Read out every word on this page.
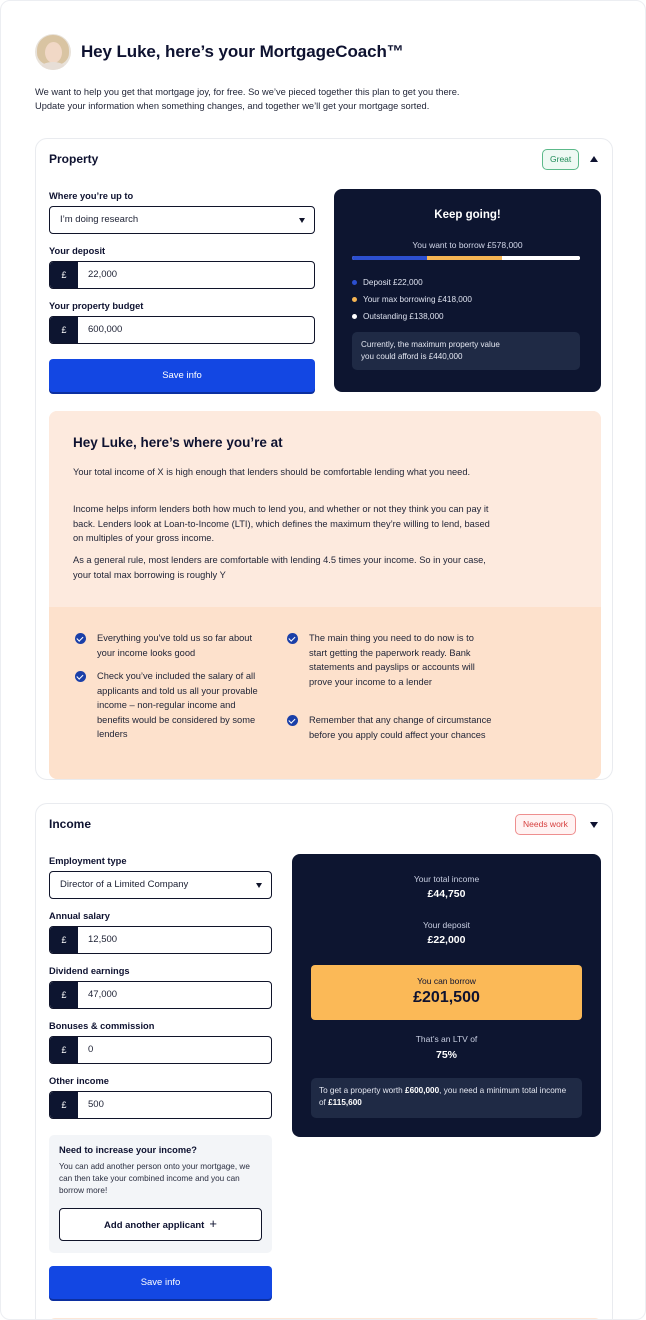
Hey Luke, here’s your MortgageCoach™
We want to help you get that mortgage joy, for free. So we’ve pieced together this plan to get you there.
Update your information when something changes, and together we’ll get your mortgage sorted.
Property	Great
Where you’re up to
I’m doing research
Your deposit
£	22,000
Your property budget
£	600,000
Save info
Keep going!
You want to borrow £578,000
Deposit £22,000
Your max borrowing £418,000
Outstanding £138,000
Currently, the maximum property value
you could afford is £440,000
Hey Luke, here’s where you’re at
Your total income of X is high enough that lenders should be comfortable lending what you need.
Income helps inform lenders both how much to lend you, and whether or not they think you can pay it back. Lenders look at Loan-to-Income (LTI), which defines the maximum they’re willing to lend, based on multiples of your gross income.
As a general rule, most lenders are comfortable with lending 4.5 times your income. So in your case, your total max borrowing is roughly Y
Everything you’ve told us so far about your income looks good
Check you’ve included the salary of all applicants and told us all your provable income – non-regular income and benefits would be considered by some lenders
The main thing you need to do now is to start getting the paperwork ready. Bank statements and payslips or accounts will prove your income to a lender
Remember that any change of circumstance before you apply could affect your chances
Income	Needs work
Employment type
Director of a Limited Company
Annual salary
£	12,500
Dividend earnings
£	47,000
Bonuses & commission
£	0
Other income
£	500
Need to increase your income?
You can add another person onto your mortgage, we can then take your combined income and you can borrow more!
Add another applicant +
Save info
Your total income
£44,750
Your deposit
£22,000
You can borrow
£201,500
That’s an LTV of
75%
To get a property worth £600,000, you need a minimum total income of £115,600
